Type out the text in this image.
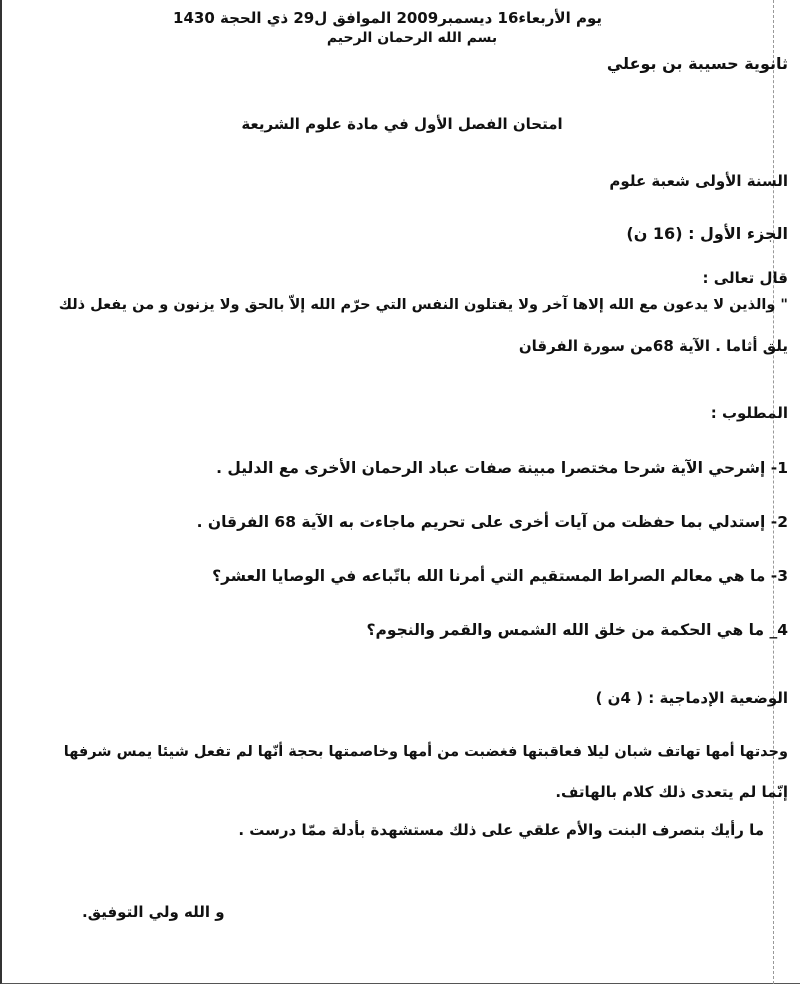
يوم الأربعاء16 ديسمبر2009 الموافق ل29 ذي الحجة 1430
بسم الله الرحمان الرحيم
ثانوية حسيبة بن بوعلي
امتحان الفصل الأول في مادة علوم الشريعة
السنة الأولى شعبة علوم
الجزء الأول : (16 ن)
قال تعالى :
" والذين لا يدعون مع الله إلاها آخر ولا يقتلون النفس التي حرّم الله إلاّ بالحق ولا يزنون و من يفعل ذلك
يلق أثاما . الآية 68من سورة الفرقان
المطلوب :
1- إشرحي الآية شرحا مختصرا مبينة صفات عباد الرحمان الأخرى مع الدليل .
2- إستدلي بما حفظت من آيات أخرى على تحريم ماجاءت به الآية 68 الفرقان .
3- ما هي معالم الصراط المستقيم التي أمرنا الله باتّباعه في الوصايا العشر؟
4_ ما هي الحكمة من خلق الله الشمس والقمر والنجوم؟
الوضعية الإدماجية : ( 4ن )
وجدتها أمها تهاتف شبان ليلا فعاقبتها فغضبت من أمها وخاصمتها بحجة أنّها لم تفعل شيئا يمس شرفها
إنّما لم يتعدى ذلك كلام بالهاتف.
ما رأيك بتصرف البنت والأم علقي على ذلك مستشهدة بأدلة ممّا درست .
و الله ولي التوفيق.
